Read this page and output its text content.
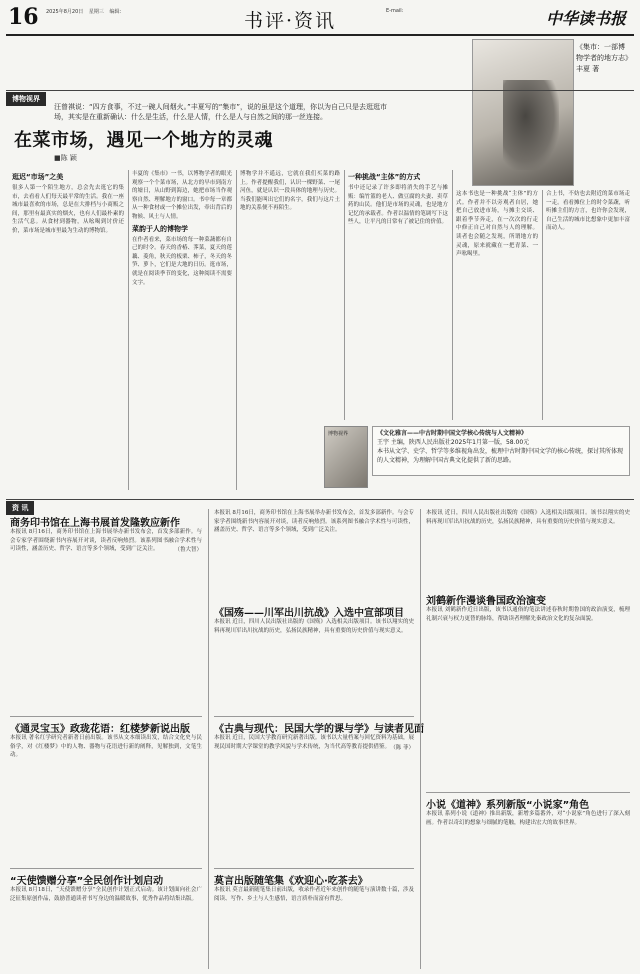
16 2025年8月20日 星期三 编辑：	书评·资讯	E-mail:	中华读书报
《集市：一部博物学者的地方志》
丰夏 著
博物视界
汪曾祺说：“四方食事，不过一碗人间烟火。”丰夏写的“集市”，说的虽是这个道理，你以为自己只是去逛逛市场，其实是在重新确认：什么是生活，什么是人情，什么是人与自然之间的那一丝连接。
在菜市场，遇见一个地方的灵魂
■陈 颖
逛迟“市场”之美
很多人第一个陌生地方，总会先去逛它的集市，去看看人们每天最平常的生活。我在一座城市最喜欢的市场，总是在大排档与小商贩之间，那里有最真实的烟火，也有人们最朴素的生活气息。从食材到器物，从吆喝到讨价还价，菜市场是城市里最为生动的博物馆。
丰夏的《集市》一书，以博物学者的眼光观察一个个菜市场，从北方的早市到南方的墟日，从山野到海边，她把市场当作观察自然、理解地方的窗口。书中每一章都从一种食材或一个摊位出发，牵出背后的物候、风土与人情。
菜韵于人的博物学
在作者看来，菜市场的每一种菜蔬都有自己的时令。春天的香椿、荠菜，夏天的莲藕、菱角，秋天的板栗、柿子，冬天的冬笋、萝卜，它们是大地的日历。逛市场，就是在阅读季节的变化，这种阅读不需要文字。
博物学并不遥远，它就在我们买菜的路上。作者提醒我们，认识一棵野菜、一尾河鱼，就是认识一段具体的地理与历史。当我们能叫出它们的名字，我们与这片土地的关系便不再陌生。
一种挑战“主体”的方式
书中还记录了许多即将消失的手艺与摊贩：编竹篮的老人、做豆腐的夫妻、卖草药的山民。他们是市场的灵魂，也是地方记忆的承载者。作者以温情的笔调写下这些人，让平凡的日常有了被记住的价值。
这本书也是一种挑战“主体”的方式。作者并不以旁观者自居，她把自己放进市场，与摊主交谈、跟着季节奔走，在一次次的行走中修正自己对自然与人的理解。读者也会随之发现，所谓地方的灵魂，原来就藏在一把青菜、一声吆喝里。
合上书，不妨也去附近的菜市场走一走。看看摊位上的时令菜蔬，听听摊主们的方言，也许你会发现，自己生活的城市比想象中更加丰富而动人。
博物视界	《文化雅言——中古时期中国文学核心传统与人文精神》
王宇 主编，陕西人民出版社2025年1月第一版，58.00元
本书从文学、史学、哲学等多维视角出发，梳理中古时期中国文学的核心传统，探讨其所体现的人文精神，为理解中国古典文化提供了新的思路。
资 讯
商务印书馆在上海书展首发隆敦应新作
本报讯 8月16日，商务印书馆在上海书展举办新书发布会，首发多部新作。与会专家学者围绕新书内容展开对谈，读者反响热烈。该系列图书融合学术性与可读性，涵盖历史、哲学、语言等多个领域，受到广泛关注。	（鲁大智）
《通灵宝玉》政珑花语：红楼梦新说出版
本报讯 著名红学研究者新著日前出版。该书从文本细读出发，结合文化史与民俗学，对《红楼梦》中的人物、器物与花语进行新的阐释，见解独到，文笔生动。
“天使馈赠分享”全民创作计划启动
本报讯 8月18日，“天使馈赠分享”全民创作计划正式启动。该计划面向社会广泛征集原创作品，鼓励普通读者书写身边的温暖故事，优秀作品将结集出版。
本报讯 8月16日，商务印书馆在上海书展举办新书发布会，首发多部新作。与会专家学者围绕新书内容展开对谈，读者反响热烈。该系列图书融合学术性与可读性，涵盖历史、哲学、语言等多个领域，受到广泛关注。
《国殇——川军出川抗战》入选中宣部项目
本报讯 近日，四川人民出版社出版的《国殇》入选相关出版项目。该书以翔实的史料再现川军出川抗战的历史，弘扬民族精神，具有重要的历史价值与现实意义。
《古典与现代：民国大学的课与学》与读者见面
本报讯 近日，民国大学教育研究新著出版。该书以大量档案与回忆资料为基础，展现民国时期大学课堂的教学风貌与学术传统，为当代高等教育提供借鉴。 （陈 菲）
莫言出版随笔集《欢迎心·吃茶去》
本报讯 莫言最新随笔集日前出版，收录作者近年来创作的随笔与演讲数十篇，涉及阅读、写作、乡土与人生感悟，语言质朴而富有哲思。
本报讯 近日，四川人民出版社出版的《国殇》入选相关出版项目。该书以翔实的史料再现川军出川抗战的历史，弘扬民族精神，具有重要的历史价值与现实意义。
刘鹤新作漫谈鲁国政治演变
本报讯 刘鹤新作近日出版，该书以通俗的笔法讲述春秋时期鲁国的政治演变，梳理礼制兴衰与权力更替的脉络，帮助读者理解先秦政治文化的复杂面貌。
小说《道神》系列新版“小说家”角色
本报讯 系列小说《道神》推出新版，新增多篇番外，对“小说家”角色进行了深入刻画。作者以奇幻的想象与细腻的笔触，构建出宏大的故事世界。
